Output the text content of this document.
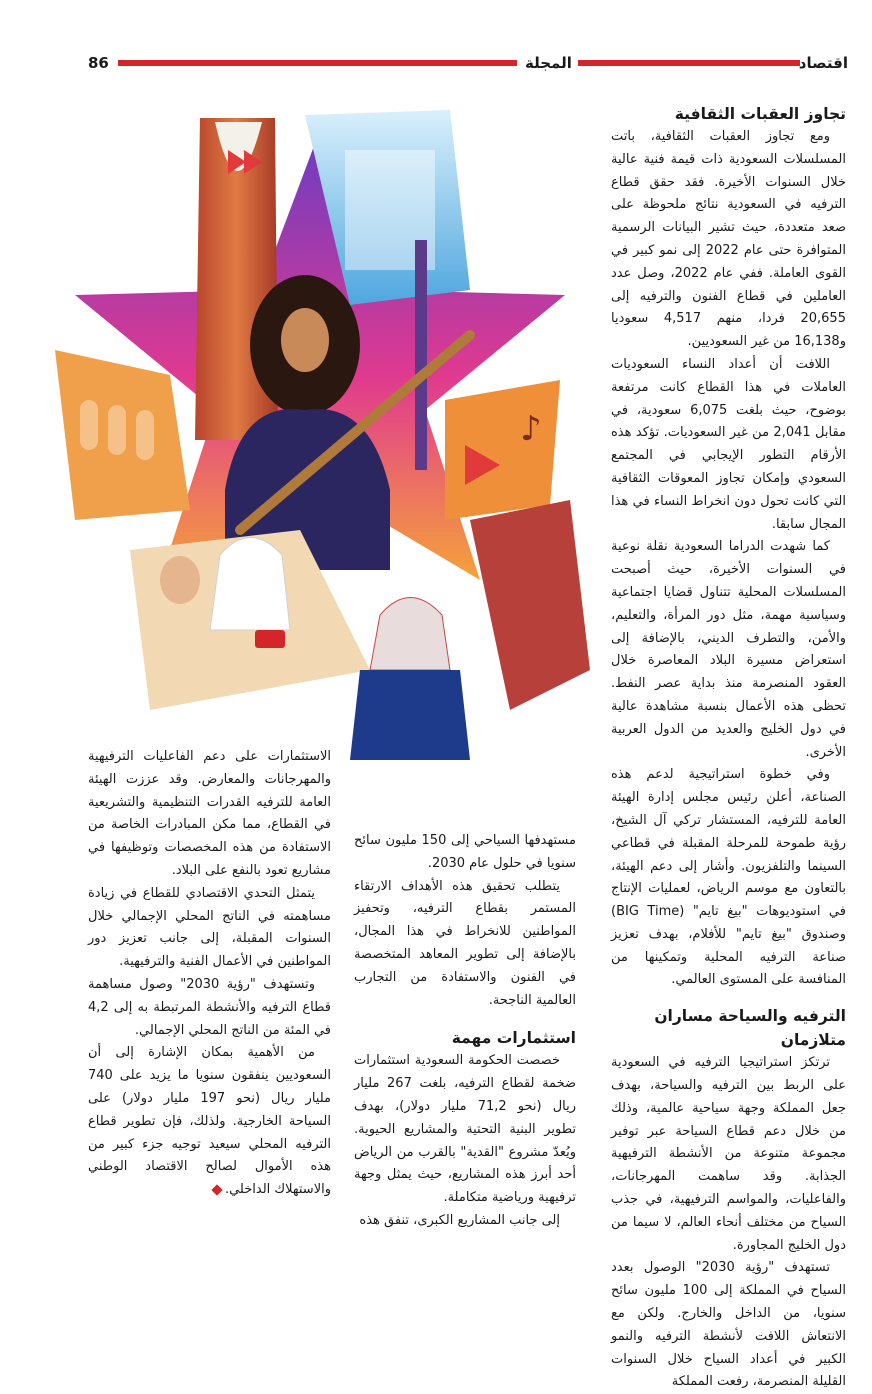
86	المجلة	اقتصاد
♪
تجاوز العقبات الثقافية

ومع تجاوز العقبات الثقافية، باتت المسلسلات السعودية ذات قيمة فنية عالية خلال السنوات الأخيرة. فقد حقق قطاع الترفيه في السعودية نتائج ملحوظة على صعد متعددة، حيث تشير البيانات الرسمية المتوافرة حتى عام 2022 إلى نمو كبير في القوى العاملة. ففي عام 2022، وصل عدد العاملين في قطاع الفنون والترفيه إلى 20,655 فردا، منهم 4,517 سعوديا و16,138 من غير السعوديين.

اللافت أن أعداد النساء السعوديات العاملات في هذا القطاع كانت مرتفعة بوضوح، حيث بلغت 6,075 سعودية، في مقابل 2,041 من غير السعوديات. تؤكد هذه الأرقام التطور الإيجابي في المجتمع السعودي وإمكان تجاوز المعوقات الثقافية التي كانت تحول دون انخراط النساء في هذا المجال سابقا.

كما شهدت الدراما السعودية نقلة نوعية في السنوات الأخيرة، حيث أصبحت المسلسلات المحلية تتناول قضايا اجتماعية وسياسية مهمة، مثل دور المرأة، والتعليم، والأمن، والتطرف الديني، بالإضافة إلى استعراض مسيرة البلاد المعاصرة خلال العقود المنصرمة منذ بداية عصر النفط. تحظى هذه الأعمال بنسبة مشاهدة عالية في دول الخليج والعديد من الدول العربية الأخرى.

وفي خطوة استراتيجية لدعم هذه الصناعة، أعلن رئيس مجلس إدارة الهيئة العامة للترفيه، المستشار تركي آل الشيخ، رؤية طموحة للمرحلة المقبلة في قطاعي السينما والتلفزيون. وأشار إلى دعم الهيئة، بالتعاون مع موسم الرياض، لعمليات الإنتاج في استوديوهات "بيغ تايم" (BIG Time) وصندوق "بيغ تايم" للأفلام، بهدف تعزيز صناعة الترفيه المحلية وتمكينها من المنافسة على المستوى العالمي.

الترفيه والسياحة مساران متلازمان

ترتكز استراتيجيا الترفيه في السعودية على الربط بين الترفيه والسياحة، بهدف جعل المملكة وجهة سياحية عالمية، وذلك من خلال دعم قطاع السياحة عبر توفير مجموعة متنوعة من الأنشطة الترفيهية الجذابة. وقد ساهمت المهرجانات، والفاعليات، والمواسم الترفيهية، في جذب السياح من مختلف أنحاء العالم، لا سيما من دول الخليج المجاورة.

تستهدف "رؤية 2030" الوصول بعدد السياح في المملكة إلى 100 مليون سائح سنويا، من الداخل والخارج. ولكن مع الانتعاش اللافت لأنشطة الترفيه والنمو الكبير في أعداد السياح خلال السنوات القليلة المنصرمة، رفعت المملكة

مستهدفها السياحي إلى 150 مليون سائح سنويا في حلول عام 2030.

يتطلب تحقيق هذه الأهداف الارتقاء المستمر بقطاع الترفيه، وتحفيز المواطنين للانخراط في هذا المجال، بالإضافة إلى تطوير المعاهد المتخصصة في الفنون والاستفادة من التجارب العالمية الناجحة.

استثمارات مهمة

خصصت الحكومة السعودية استثمارات ضخمة لقطاع الترفيه، بلغت 267 مليار ريال (نحو 71,2 مليار دولار)، بهدف تطوير البنية التحتية والمشاريع الحيوية. ويُعدّ مشروع "القدية" بالقرب من الرياض أحد أبرز هذه المشاريع، حيث يمثل وجهة ترفيهية ورياضية متكاملة.

إلى جانب المشاريع الكبرى، تنفق هذه

الاستثمارات على دعم الفاعليات الترفيهية والمهرجانات والمعارض. وقد عززت الهيئة العامة للترفيه القدرات التنظيمية والتشريعية في القطاع، مما مكن المبادرات الخاصة من الاستفادة من هذه المخصصات وتوظيفها في مشاريع تعود بالنفع على البلاد.

يتمثل التحدي الاقتصادي للقطاع في زيادة مساهمته في الناتج المحلي الإجمالي خلال السنوات المقبلة، إلى جانب تعزيز دور المواطنين في الأعمال الفنية والترفيهية.

وتستهدف "رؤية 2030" وصول مساهمة قطاع الترفيه والأنشطة المرتبطة به إلى 4,2 في المئة من الناتج المحلي الإجمالي.

من الأهمية بمكان الإشارة إلى أن السعوديين ينفقون سنويا ما يزيد على 740 مليار ريال (نحو 197 مليار دولار) على السياحة الخارجية. ولذلك، فإن تطوير قطاع الترفيه المحلي سيعيد توجيه جزء كبير من هذه الأموال لصالح الاقتصاد الوطني والاستهلاك الداخلي.
